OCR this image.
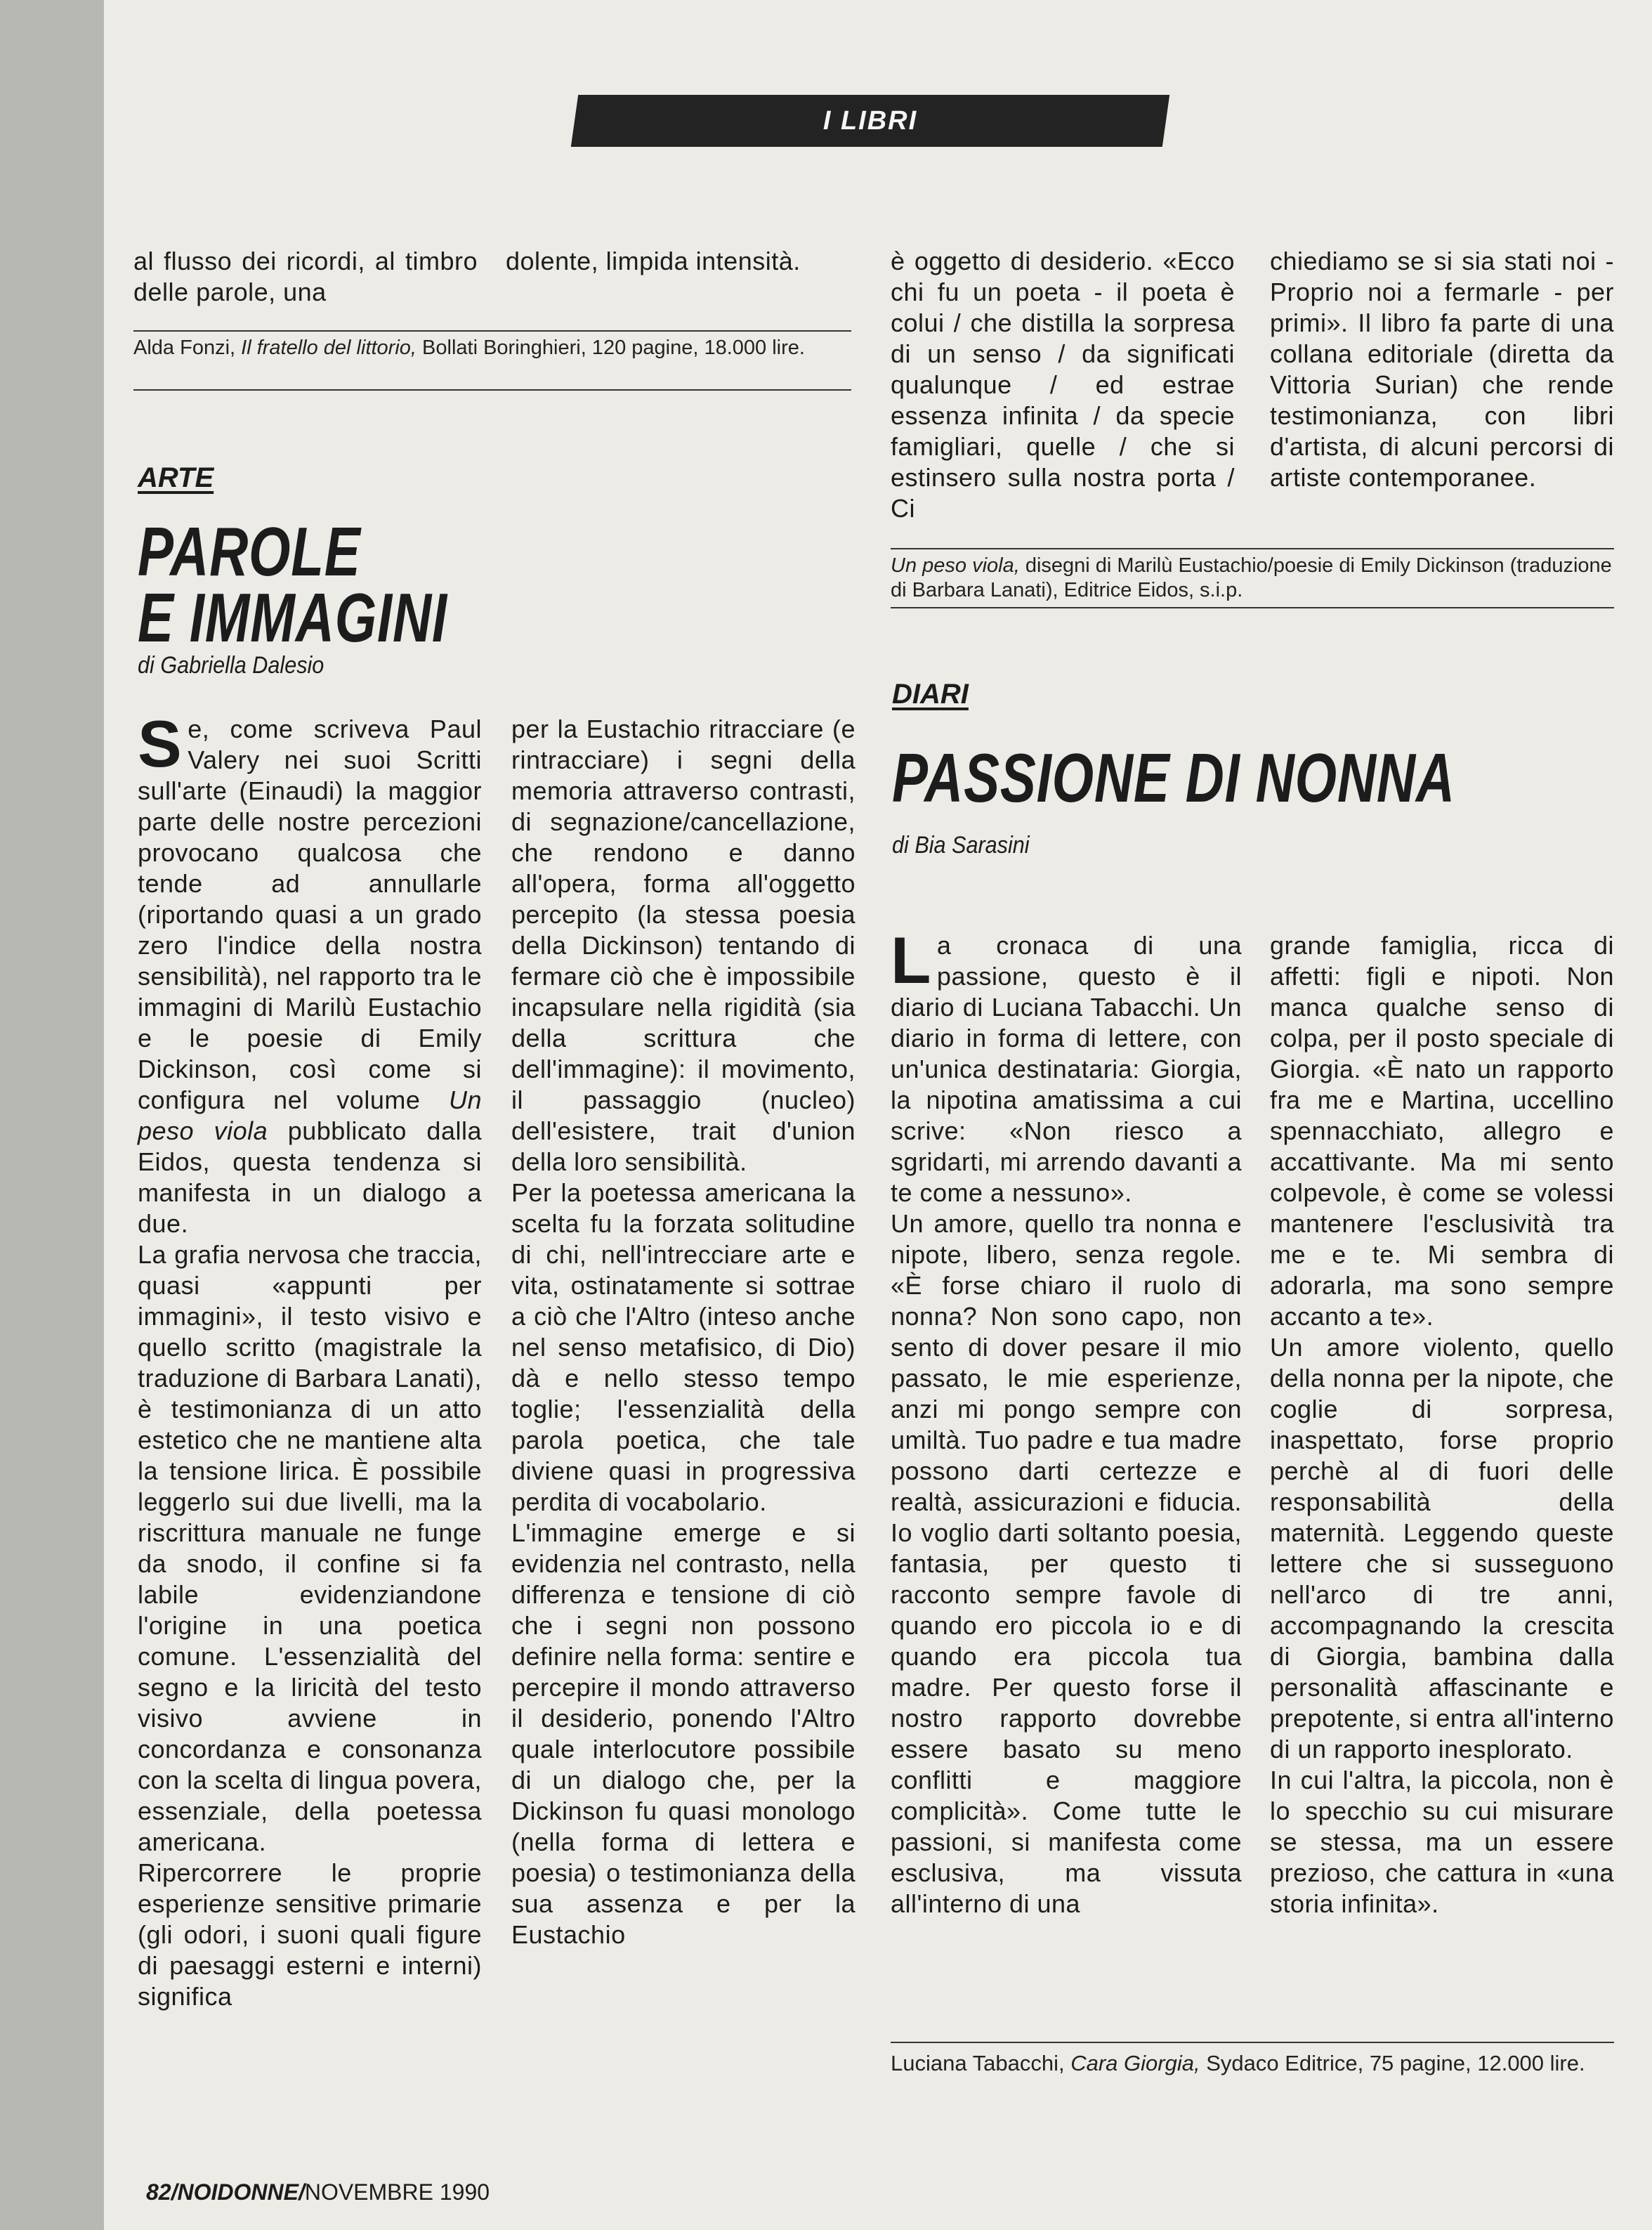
I LIBRI

al flusso dei ricordi, al timbro delle parole, una

dolente, limpida intensità.

Alda Fonzi, Il fratello del littorio, Bollati Boringhieri, 120 pagine, 18.000 lire.

è oggetto di desiderio. «Ecco chi fu un poeta - il poeta è colui / che distilla la sorpresa di un senso / da significati qualunque / ed estrae essenza infinita / da specie famigliari, quelle / che si estinsero sulla nostra porta / Ci

chiediamo se si sia stati noi - Proprio noi a fermarle - per primi». Il libro fa parte di una collana editoriale (diretta da Vittoria Surian) che rende testimonianza, con libri d'artista, di alcuni percorsi di artiste contemporanee.

Un peso viola, disegni di Marilù Eustachio/poesie di Emily Dickinson (traduzione di Barbara Lanati), Editrice Eidos, s.i.p.
ARTE
PAROLE
E IMMAGINI
di Gabriella Dalesio

Se, come scriveva Paul Valery nei suoi Scritti sull'arte (Einaudi) la maggior parte delle nostre percezioni provocano qualcosa che tende ad annullarle (riportando quasi a un grado zero l'indice della nostra sensibilità), nel rapporto tra le immagini di Marilù Eustachio e le poesie di Emily Dickinson, così come si configura nel volume Un peso viola pubblicato dalla Eidos, questa tendenza si manifesta in un dialogo a due.

La grafia nervosa che traccia, quasi «appunti per immagini», il testo visivo e quello scritto (magistrale la traduzione di Barbara Lanati), è testimonianza di un atto estetico che ne mantiene alta la tensione lirica. È possibile leggerlo sui due livelli, ma la riscrittura manuale ne funge da snodo, il confine si fa labile evidenziandone l'origine in una poetica comune. L'essenzialità del segno e la liricità del testo visivo avviene in concordanza e consonanza con la scelta di lingua povera, essenziale, della poetessa americana.

Ripercorrere le proprie esperienze sensitive primarie (gli odori, i suoni quali figure di paesaggi esterni e interni) significa

per la Eustachio ritracciare (e rintracciare) i segni della memoria attraverso contrasti, di segnazione/cancellazione, che rendono e danno all'opera, forma all'oggetto percepito (la stessa poesia della Dickinson) tentando di fermare ciò che è impossibile incapsulare nella rigidità (sia della scrittura che dell'immagine): il movimento, il passaggio (nucleo) dell'esistere, trait d'union della loro sensibilità.

Per la poetessa americana la scelta fu la forzata solitudine di chi, nell'intrecciare arte e vita, ostinatamente si sottrae a ciò che l'Altro (inteso anche nel senso metafisico, di Dio) dà e nello stesso tempo toglie; l'essenzialità della parola poetica, che tale diviene quasi in progressiva perdita di vocabolario.

L'immagine emerge e si evidenzia nel contrasto, nella differenza e tensione di ciò che i segni non possono definire nella forma: sentire e percepire il mondo attraverso il desiderio, ponendo l'Altro quale interlocutore possibile di un dialogo che, per la Dickinson fu quasi monologo (nella forma di lettera e poesia) o testimonianza della sua assenza e per la Eustachio

DIARI
PASSIONE DI NONNA
di Bia Sarasini

La cronaca di una passione, questo è il diario di Luciana Tabacchi. Un diario in forma di lettere, con un'unica destinataria: Giorgia, la nipotina amatissima a cui scrive: «Non riesco a sgridarti, mi arrendo davanti a te come a nessuno».

Un amore, quello tra nonna e nipote, libero, senza regole. «È forse chiaro il ruolo di nonna? Non sono capo, non sento di dover pesare il mio passato, le mie esperienze, anzi mi pongo sempre con umiltà. Tuo padre e tua madre possono darti certezze e realtà, assicurazioni e fiducia. Io voglio darti soltanto poesia, fantasia, per questo ti racconto sempre favole di quando ero piccola io e di quando era piccola tua madre. Per questo forse il nostro rapporto dovrebbe essere basato su meno conflitti e maggiore complicità». Come tutte le passioni, si manifesta come esclusiva, ma vissuta all'interno di una

grande famiglia, ricca di affetti: figli e nipoti. Non manca qualche senso di colpa, per il posto speciale di Giorgia. «È nato un rapporto fra me e Martina, uccellino spennacchiato, allegro e accattivante. Ma mi sento colpevole, è come se volessi mantenere l'esclusività tra me e te. Mi sembra di adorarla, ma sono sempre accanto a te».

Un amore violento, quello della nonna per la nipote, che coglie di sorpresa, inaspettato, forse proprio perchè al di fuori delle responsabilità della maternità. Leggendo queste lettere che si susseguono nell'arco di tre anni, accompagnando la crescita di Giorgia, bambina dalla personalità affascinante e prepotente, si entra all'interno di un rapporto inesplorato.

In cui l'altra, la piccola, non è lo specchio su cui misurare se stessa, ma un essere prezioso, che cattura in «una storia infinita».

Luciana Tabacchi, Cara Giorgia, Sydaco Editrice, 75 pagine, 12.000 lire.
82/NOIDONNE/NOVEMBRE 1990
